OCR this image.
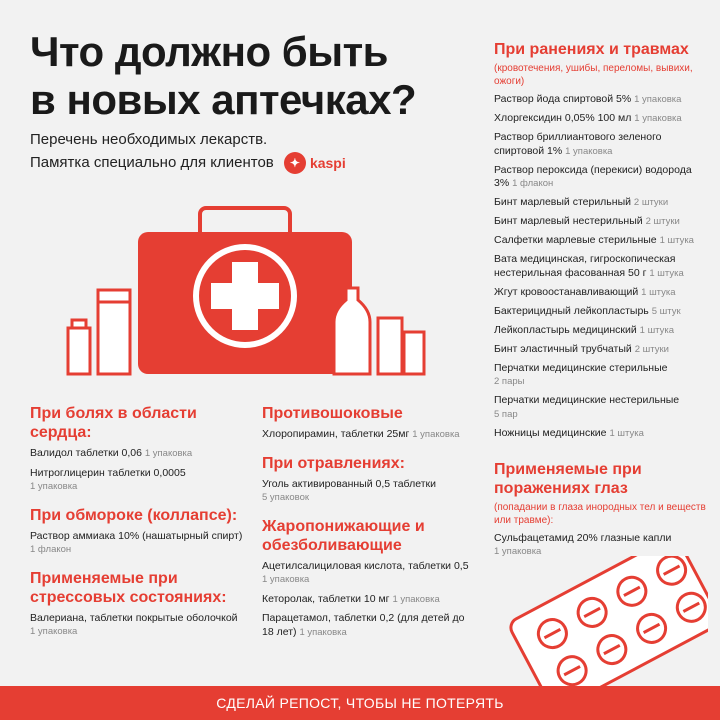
Что должно быть
в новых аптечках?
Перечень необходимых лекарств.
Памятка специально для клиентов	✦ kaspi
При ранениях и травмах
(кровотечения, ушибы, переломы, вывихи, ожоги)
Раствор йода спиртовой 5% 1 упаковка
Хлоргексидин 0,05% 100 мл 1 упаковка
Раствор бриллиантового зеленого спиртовой 1% 1 упаковка
Раствор пероксида (перекиси) водорода 3% 1 флакон
Бинт марлевый стерильный 2 штуки
Бинт марлевый нестерильный 2 штуки
Салфетки марлевые стерильные 1 штука
Вата медицинская, гигроскопическая нестерильная фасованная 50 г 1 штука
Жгут кровоостанавливающий 1 штука
Бактерицидный лейкопластырь 5 штук
Лейкопластырь медицинский 1 штука
Бинт эластичный трубчатый 2 штуки
Перчатки медицинские стерильные
2 пары
Перчатки медицинские нестерильные
5 пар
Ножницы медицинские 1 штука
Применяемые при поражениях глаз
(попадании в глаза инородных тел и веществ или травме):
Сульфацетамид 20% глазные капли
1 упаковка
При болях в области сердца:
Валидол таблетки 0,06 1 упаковка
Нитроглицерин таблетки 0,0005
1 упаковка
При обмороке (коллапсе):
Раствор аммиака 10% (нашатырный спирт) 1 флакон
Применяемые при стрессовых состояниях:
Валериана, таблетки покрытые оболочкой 1 упаковка
Противошоковые
Хлоропирамин, таблетки 25мг 1 упаковка
При отравлениях:
Уголь активированный 0,5 таблетки
5 упаковок
Жаропонижающие и обезболивающие
Ацетилсалициловая кислота, таблетки 0,5
1 упаковка
Кеторолак, таблетки 10 мг 1 упаковка
Парацетамол, таблетки 0,2 (для детей до 18 лет) 1 упаковка
СДЕЛАЙ РЕПОСТ, ЧТОБЫ НЕ ПОТЕРЯТЬ
